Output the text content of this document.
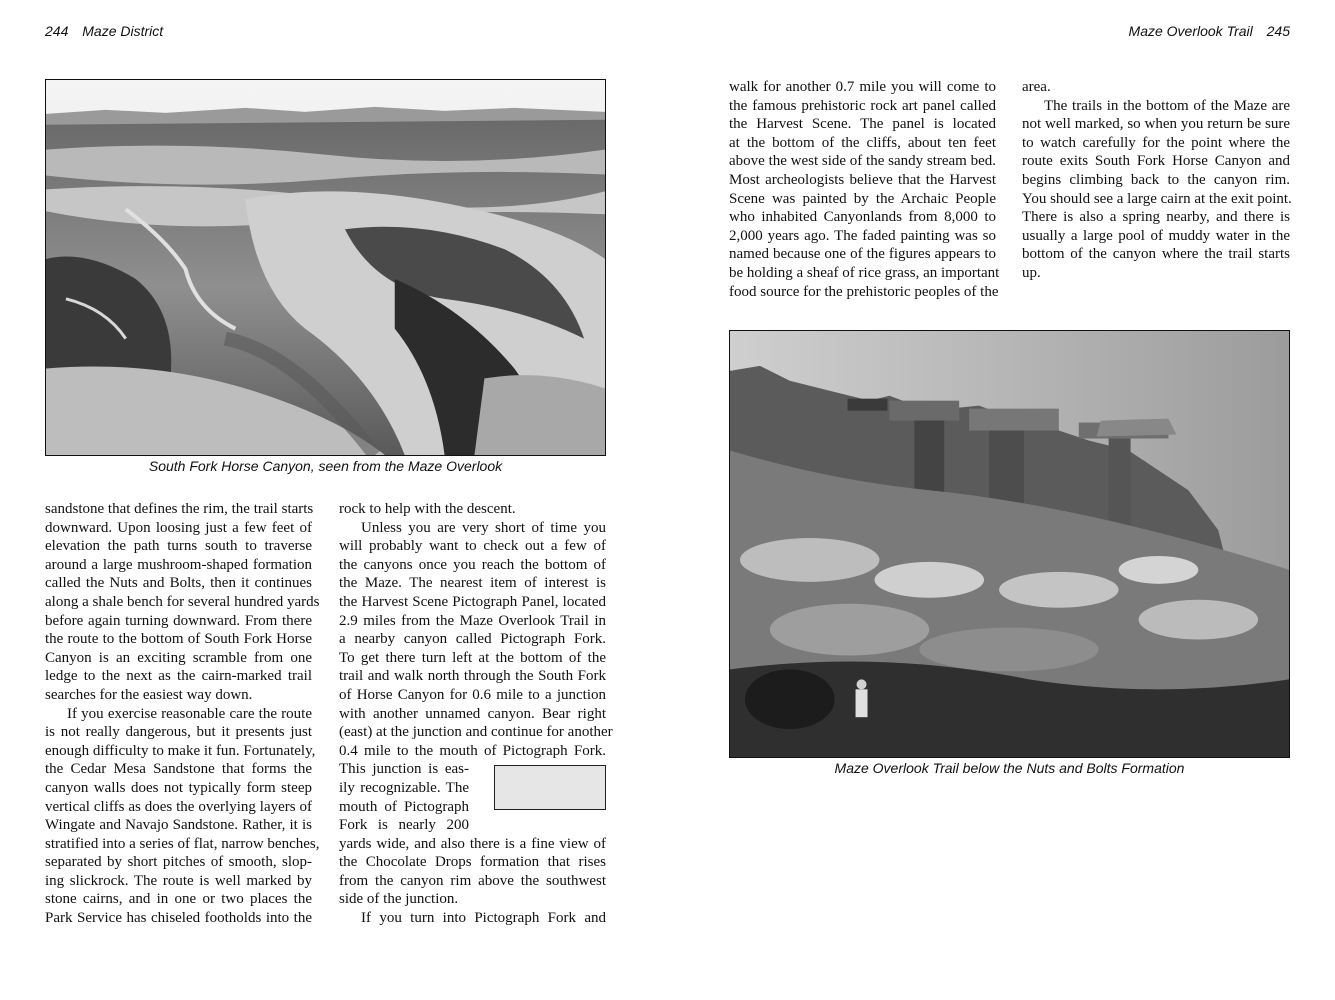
244 Maze District
South Fork Horse Canyon, seen from the Maze Overlook

sandstone that defines the rim, the trail starts
downward. Upon loosing just a few feet of
elevation the path turns south to traverse
around a large mushroom-shaped formation
called the Nuts and Bolts, then it continues
along a shale bench for several hundred yards
before again turning downward. From there
the route to the bottom of South Fork Horse
Canyon is an exciting scramble from one
ledge to the next as the cairn-marked trail
searches for the easiest way down.

If you exercise reasonable care the route
is not really dangerous, but it presents just
enough difficulty to make it fun. Fortunately,
the Cedar Mesa Sandstone that forms the
canyon walls does not typically form steep
vertical cliffs as does the overlying layers of
Wingate and Navajo Sandstone. Rather, it is
stratified into a series of flat, narrow benches,
separated by short pitches of smooth, slop-
ing slickrock. The route is well marked by
stone cairns, and in one or two places the
Park Service has chiseled footholds into the

rock to help with the descent.

Unless you are very short of time you
will probably want to check out a few of
the canyons once you reach the bottom of
the Maze. The nearest item of interest is
the Harvest Scene Pictograph Panel, located
2.9 miles from the Maze Overlook Trail in
a nearby canyon called Pictograph Fork.
To get there turn left at the bottom of the
trail and walk north through the South Fork
of Horse Canyon for 0.6 mile to a junction
with another unnamed canyon. Bear right
(east) at the junction and continue for another
0.4 mile to the mouth of Pictograph Fork.

This junction is eas-
ily recognizable. The
mouth of Pictograph
Fork is nearly 200
yards wide, and also there is a fine view of
the Chocolate Drops formation that rises
from the canyon rim above the southwest
side of the junction.

If you turn into Pictograph Fork and

Maze Overlook Trail 245

walk for another 0.7 mile you will come to
the famous prehistoric rock art panel called
the Harvest Scene. The panel is located
at the bottom of the cliffs, about ten feet
above the west side of the sandy stream bed.
Most archeologists believe that the Harvest
Scene was painted by the Archaic People
who inhabited Canyonlands from 8,000 to
2,000 years ago. The faded painting was so
named because one of the figures appears to
be holding a sheaf of rice grass, an important
food source for the prehistoric peoples of the

area.

The trails in the bottom of the Maze are
not well marked, so when you return be sure
to watch carefully for the point where the
route exits South Fork Horse Canyon and
begins climbing back to the canyon rim.
You should see a large cairn at the exit point.
There is also a spring nearby, and there is
usually a large pool of muddy water in the
bottom of the canyon where the trail starts
up.

Maze Overlook Trail below the Nuts and Bolts Formation
